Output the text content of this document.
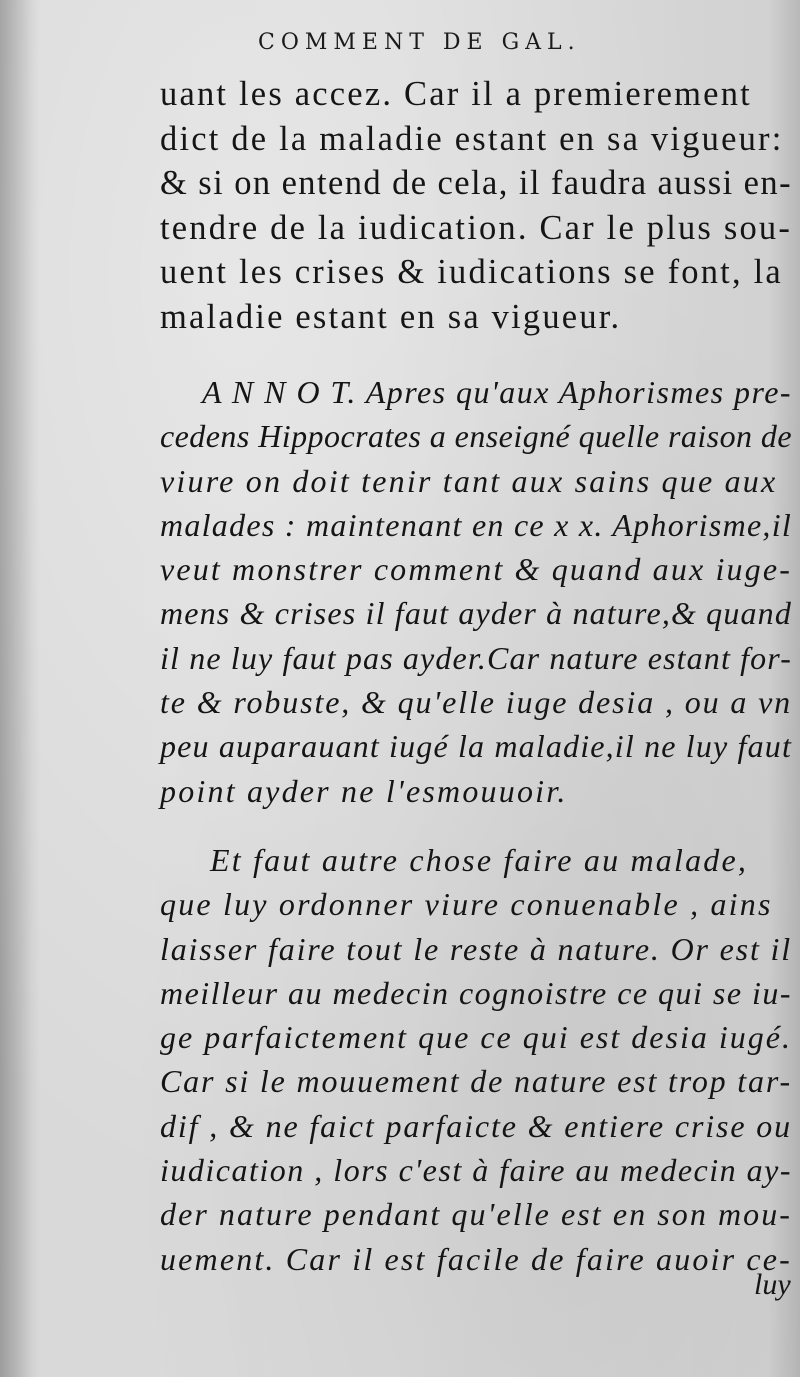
COMMENT DE GAL.
uant les accez. Car il a premierement
dict de la maladie estant en sa vigueur:
& si on entend de cela, il faudra aussi en-
tendre de la iudication. Car le plus sou-
uent les crises & iudications se font, la
maladie estant en sa vigueur.
A N N O T. Apres qu'aux Aphorismes pre-
cedens Hippocrates a enseigné quelle raison de
viure on doit tenir tant aux sains que aux
malades : maintenant en ce x x. Aphorisme,il
veut monstrer comment & quand aux iuge-
mens & crises il faut ayder à nature,& quand
il ne luy faut pas ayder.Car nature estant for-
te & robuste, & qu'elle iuge desia , ou a vn
peu auparauant iugé la maladie,il ne luy faut
point ayder ne l'esmouuoir.
Et faut autre chose faire au malade,
que luy ordonner viure conuenable , ains
laisser faire tout le reste à nature. Or est il
meilleur au medecin cognoistre ce qui se iu-
ge parfaictement que ce qui est desia iugé.
Car si le mouuement de nature est trop tar-
dif , & ne faict parfaicte & entiere crise ou
iudication , lors c'est à faire au medecin ay-
der nature pendant qu'elle est en son mou-
uement. Car il est facile de faire auoir ce-
luy
